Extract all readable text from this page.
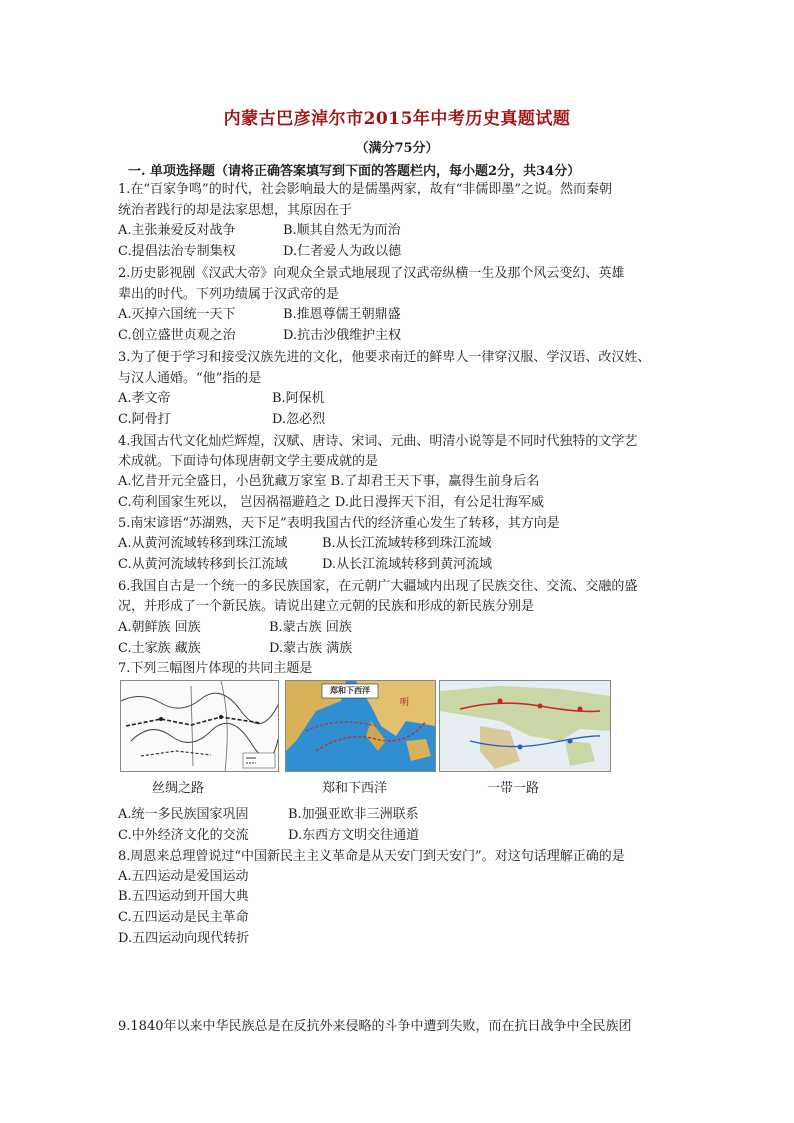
内蒙古巴彦淖尔市2015年中考历史真题试题
（满分75分）
一. 单项选择题（请将正确答案填写到下面的答题栏内，每小题2分，共34分）
1.在“百家争鸣”的时代，社会影响最大的是儒墨两家，故有“非儒即墨”之说。然而秦朝
统治者践行的却是法家思想，其原因在于
A.主张兼爱反对战争	B.顺其自然无为而治
C.提倡法治专制集权	D.仁者爱人为政以德
2.历史影视剧《汉武大帝》向观众全景式地展现了汉武帝纵横一生及那个风云变幻、英雄
辈出的时代。下列功绩属于汉武帝的是
A.灭掉六国统一天下	B.推恩尊儒王朝鼎盛
C.创立盛世贞观之治	D.抗击沙俄维护主权
3.为了便于学习和接受汉族先进的文化，他要求南迁的鲜卑人一律穿汉服、学汉语、改汉姓、
与汉人通婚。“他”指的是
A.孝文帝	B.阿保机
C.阿骨打	D.忽必烈
4.我国古代文化灿烂辉煌，汉赋、唐诗、宋词、元曲、明清小说等是不同时代独特的文学艺
术成就。下面诗句体现唐朝文学主要成就的是
A.忆昔开元全盛日，小邑犹藏万家室 B.了却君王天下事，赢得生前身后名
C.苟利国家生死以， 岂因祸福避趋之 D.此日漫挥天下泪，有公足壮海军威
5.南宋谚语“苏湖熟，天下足”表明我国古代的经济重心发生了转移，其方向是
A.从黄河流域转移到珠江流域	B.从长江流域转移到珠江流域
C.从黄河流域转移到长江流域	D.从长江流域转移到黄河流域
6.我国自古是一个统一的多民族国家，在元朝广大疆域内出现了民族交往、交流、交融的盛
况，并形成了一个新民族。请说出建立元朝的民族和形成的新民族分别是
A.朝鲜族 回族	B.蒙古族 回族
C.土家族 藏族	D.蒙古族 满族
7.下列三幅图片体现的共同主题是
郑和下西洋
明
丝绸之路	郑和下西洋	一带一路
A.统一多民族国家巩固	B.加强亚欧非三洲联系
C.中外经济文化的交流	D.东西方文明交往通道
8.周恩来总理曾说过“中国新民主主义革命是从天安门到天安门”。对这句话理解正确的是
A.五四运动是爱国运动
B.五四运动到开国大典
C.五四运动是民主革命
D.五四运动向现代转折
9.1840年以来中华民族总是在反抗外来侵略的斗争中遭到失败，而在抗日战争中全民族团
